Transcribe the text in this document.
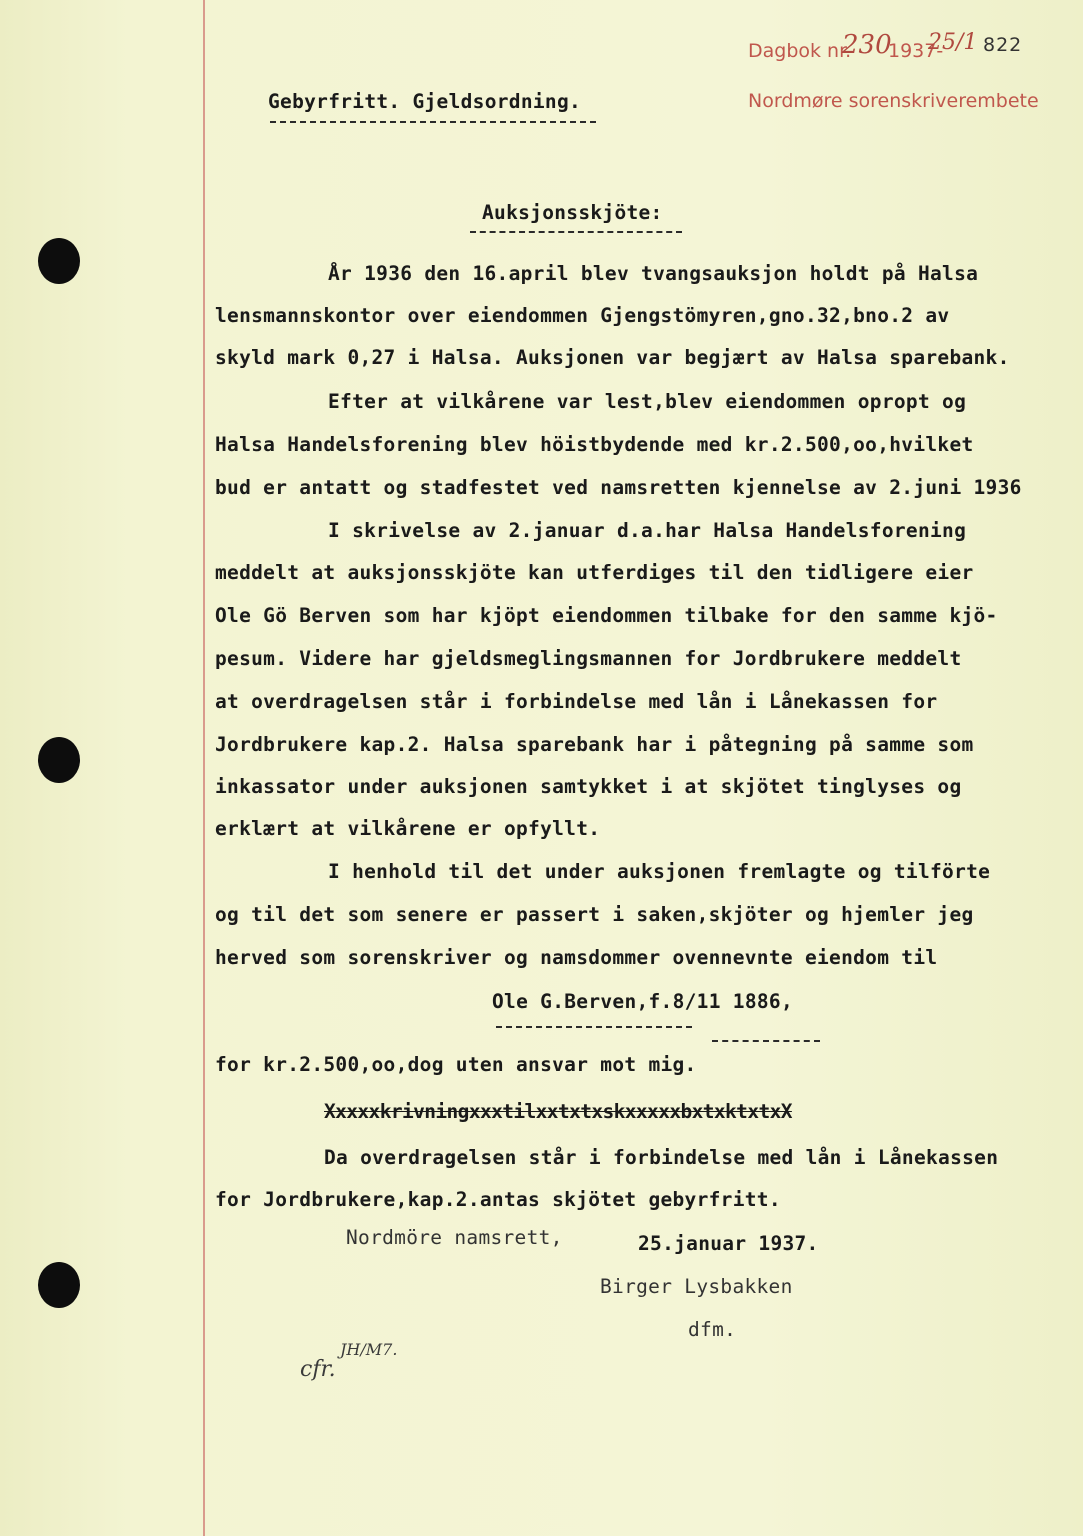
822
Dagbok nr.
230
1937-
25/1
Nordmøre sorenskriverembete
Gebyrfritt. Gjeldsordning.
Auksjonsskjöte:
År 1936 den 16.april blev tvangsauksjon holdt på Halsa
lensmannskontor over eiendommen Gjengstömyren,gno.32,bno.2 av
skyld mark 0,27 i Halsa. Auksjonen var begjært av Halsa sparebank.
Efter at vilkårene var lest,blev eiendommen opropt og
Halsa Handelsforening blev höistbydende med kr.2.500,oo,hvilket
bud er antatt og stadfestet ved namsretten kjennelse av 2.juni 1936
I skrivelse av 2.januar d.a.har Halsa Handelsforening
meddelt at auksjonsskjöte kan utferdiges til den tidligere eier
Ole Gö Berven som har kjöpt eiendommen tilbake for den samme kjö-
pesum. Videre har gjeldsmeglingsmannen for Jordbrukere meddelt
at overdragelsen står i forbindelse med lån i Lånekassen for
Jordbrukere kap.2. Halsa sparebank har i påtegning på samme som
inkassator under auksjonen samtykket i at skjötet tinglyses og
erklært at vilkårene er opfyllt.
I henhold til det under auksjonen fremlagte og tilförte
og til det som senere er passert i saken,skjöter og hjemler jeg
herved som sorenskriver og namsdommer ovennevnte eiendom til
Ole G.Berven,f.8/11 1886,
for kr.2.500,oo,dog uten ansvar mot mig.
XxxxxkrivningxxxtilxxtxtxskxxxxxbxtxktxtxX
Da overdragelsen står i forbindelse med lån i Lånekassen
for Jordbrukere,kap.2.antas skjötet gebyrfritt.
Nordmöre namsrett,	25.januar 1937.
Birger Lysbakken
dfm.
cfr.
JH/M7.
